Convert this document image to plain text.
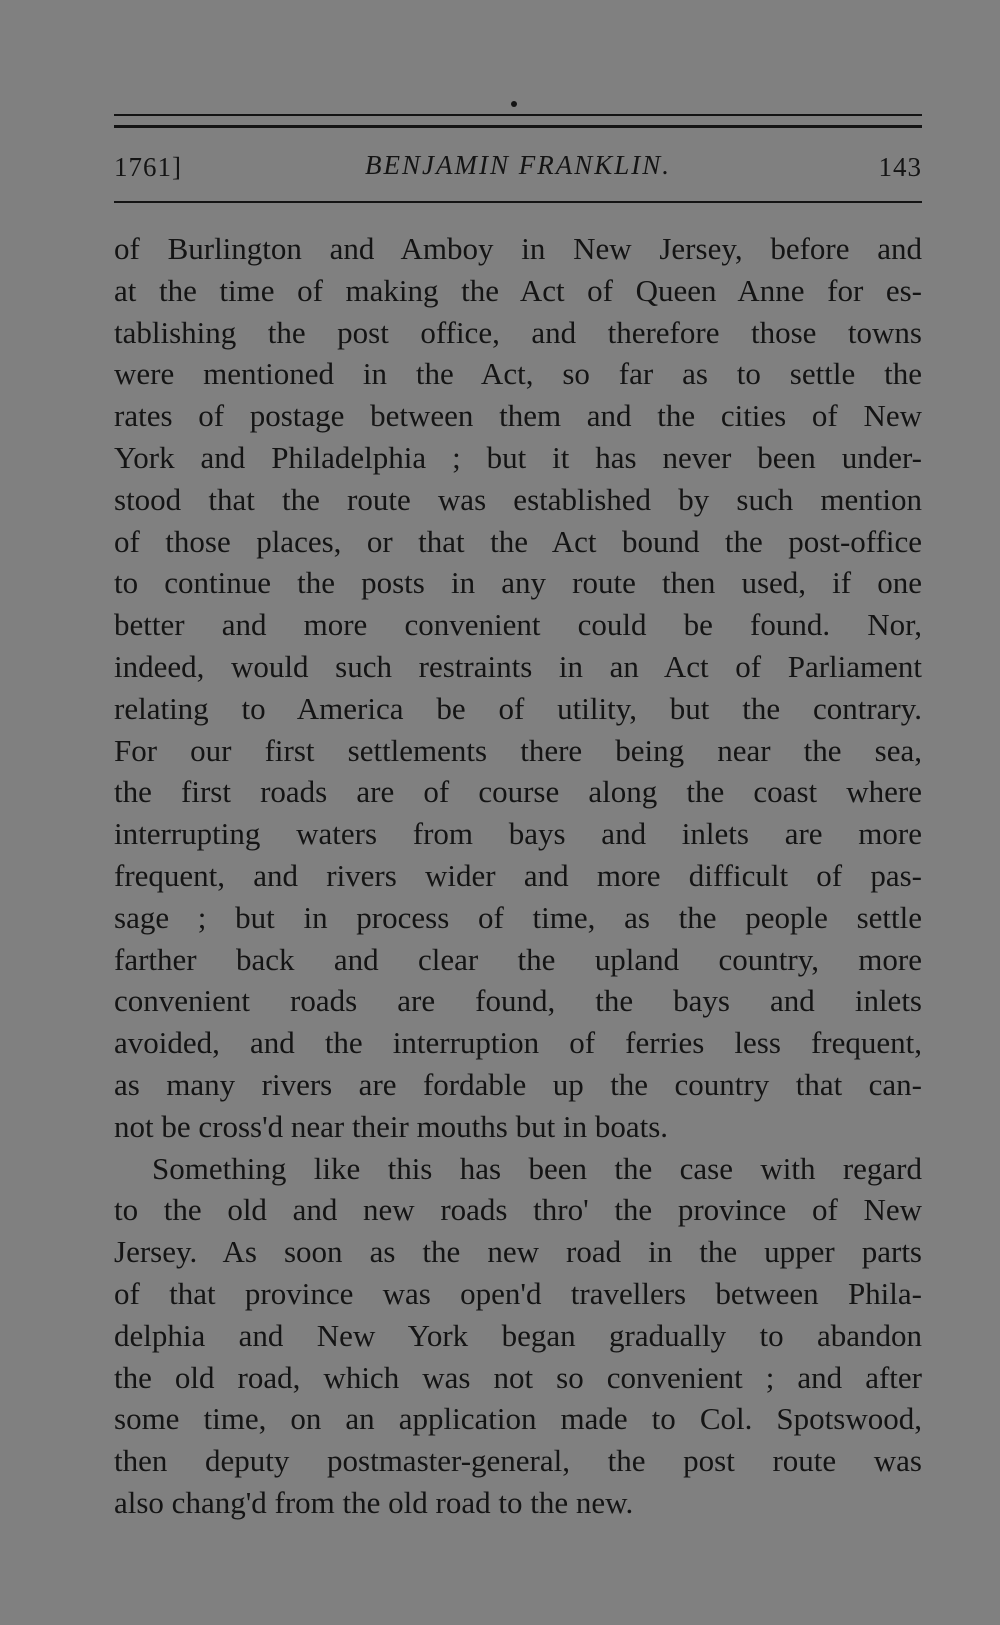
1761]	BENJAMIN FRANKLIN.	143
of Burlington and Amboy in New Jersey, before and
at the time of making the Act of Queen Anne for es-
tablishing the post office, and therefore those towns
were mentioned in the Act, so far as to settle the
rates of postage between them and the cities of New
York and Philadelphia ; but it has never been under-
stood that the route was established by such mention
of those places, or that the Act bound the post-office
to continue the posts in any route then used, if one
better and more convenient could be found. Nor,
indeed, would such restraints in an Act of Parliament
relating to America be of utility, but the contrary.
For our first settlements there being near the sea,
the first roads are of course along the coast where
interrupting waters from bays and inlets are more
frequent, and rivers wider and more difficult of pas-
sage ; but in process of time, as the people settle
farther back and clear the upland country, more
convenient roads are found, the bays and inlets
avoided, and the interruption of ferries less frequent,
as many rivers are fordable up the country that can-
not be cross'd near their mouths but in boats.
Something like this has been the case with regard
to the old and new roads thro' the province of New
Jersey. As soon as the new road in the upper parts
of that province was open'd travellers between Phila-
delphia and New York began gradually to abandon
the old road, which was not so convenient ; and after
some time, on an application made to Col. Spotswood,
then deputy postmaster-general, the post route was
also chang'd from the old road to the new.
